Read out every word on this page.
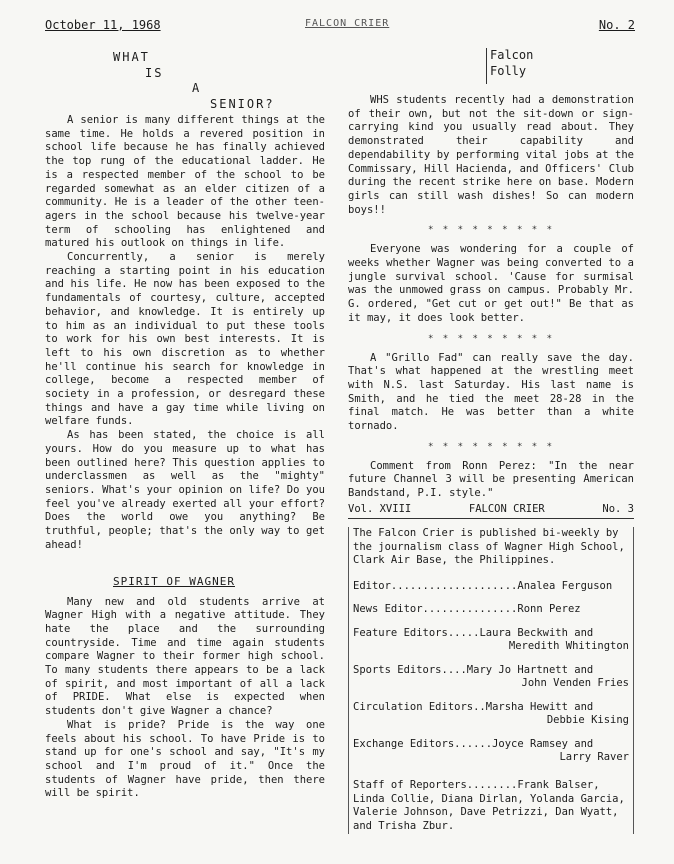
October 11, 1968	FALCON CRIER	No. 2
WHAT
IS
A
SENIOR?

A senior is many different things at the same time. He holds a revered position in school life because he has finally achieved the top rung of the educational ladder. He is a respected member of the school to be regarded somewhat as an elder citizen of a community. He is a leader of the other teen-agers in the school because his twelve-year term of schooling has enlightened and matured his outlook on things in life.

Concurrently, a senior is merely reaching a starting point in his education and his life. He now has been exposed to the fundamentals of courtesy, culture, accepted behavior, and knowledge. It is entirely up to him as an individual to put these tools to work for his own best interests. It is left to his own discretion as to whether he'll continue his search for knowledge in college, become a respected member of society in a profession, or desregard these things and have a gay time while living on welfare funds.

As has been stated, the choice is all yours. How do you measure up to what has been outlined here? This question applies to underclassmen as well as the "mighty" seniors. What's your opinion on life? Do you feel you've already exerted all your effort? Does the world owe you anything? Be truthful, people; that's the only way to get ahead!

SPIRIT OF WAGNER

Many new and old students arrive at Wagner High with a negative attitude. They hate the place and the surrounding countryside. Time and time again students compare Wagner to their former high school. To many students there appears to be a lack of spirit, and most important of all a lack of PRIDE. What else is expected when students don't give Wagner a chance?

What is pride? Pride is the way one feels about his school. To have Pride is to stand up for one's school and say, "It's my school and I'm proud of it." Once the students of Wagner have pride, then there will be spirit.

Falcon
Folly

WHS students recently had a demonstration of their own, but not the sit-down or sign-carrying kind you usually read about. They demonstrated their capability and dependability by performing vital jobs at the Commissary, Hill Hacienda, and Officers' Club during the recent strike here on base. Modern girls can still wash dishes! So can modern boys!!

* * * * * * * * *

Everyone was wondering for a couple of weeks whether Wagner was being converted to a jungle survival school. 'Cause for surmisal was the unmowed grass on campus. Probably Mr. G. ordered, "Get cut or get out!" Be that as it may, it does look better.

* * * * * * * * *

A "Grillo Fad" can really save the day. That's what happened at the wrestling meet with N.S. last Saturday. His last name is Smith, and he tied the meet 28-28 in the final match. He was better than a white tornado.

* * * * * * * * *

Comment from Ronn Perez: "In the near future Channel 3 will be presenting American Bandstand, P.I. style."

Vol. XVIII	FALCON CRIER	No. 3
The Falcon Crier is published bi-weekly by the journalism class of Wagner High School, Clark Air Base, the Philippines.
Editor....................Analea Ferguson
News Editor...............Ronn Perez
Feature Editors.....Laura Beckwith and
Meredith Whitington
Sports Editors....Mary Jo Hartnett and
John Venden Fries
Circulation Editors..Marsha Hewitt and
Debbie Kising
Exchange Editors......Joyce Ramsey and
Larry Raver
Staff of Reporters........Frank Balser, Linda Collie, Diana Dirlan, Yolanda Garcia, Valerie Johnson, Dave Petrizzi, Dan Wyatt, and Trisha Zbur.
